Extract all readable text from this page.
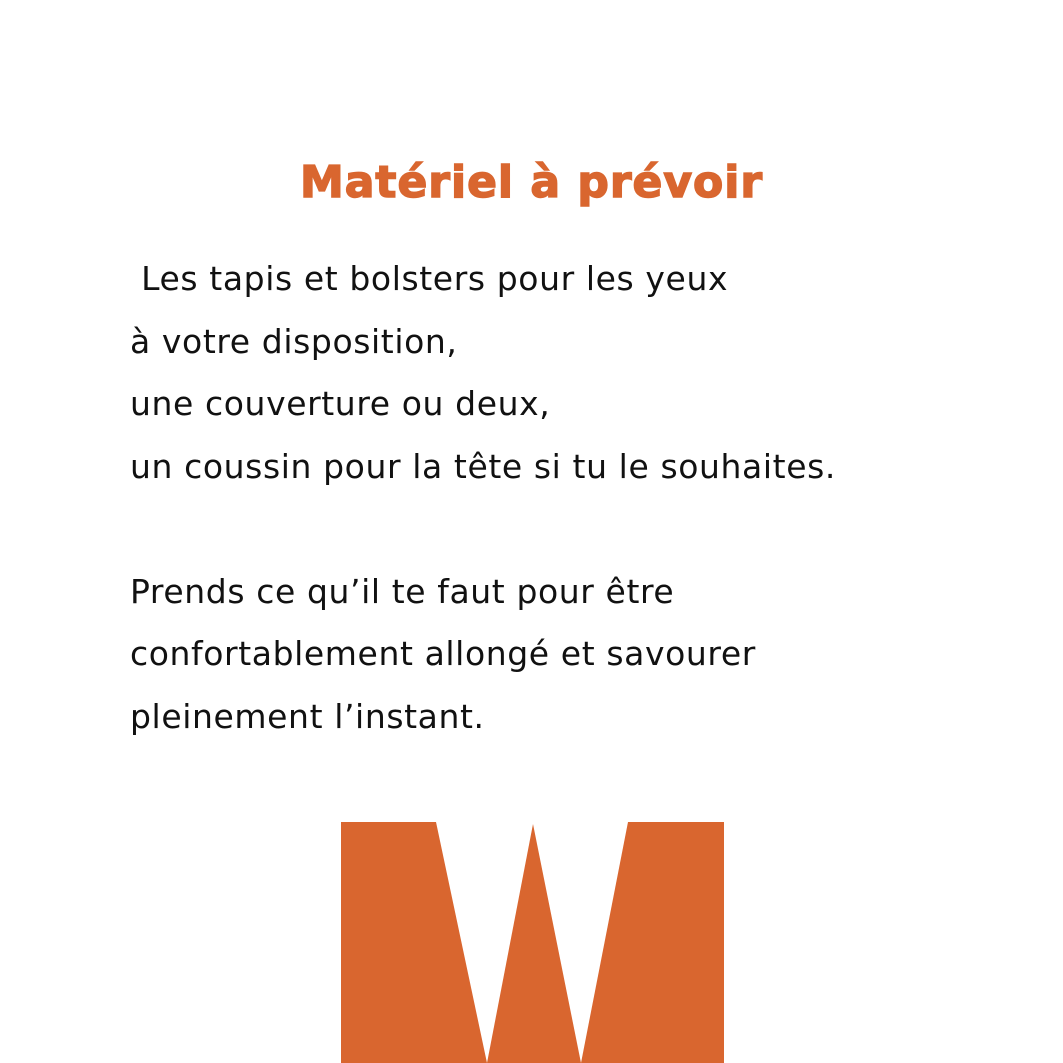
Matériel à prévoir
Les tapis et bolsters pour les yeux
à votre disposition,
une couverture ou deux,
un coussin pour la tête si tu le souhaites.
Prends ce qu’il te faut pour être
confortablement allongé et savourer
pleinement l’instant.
